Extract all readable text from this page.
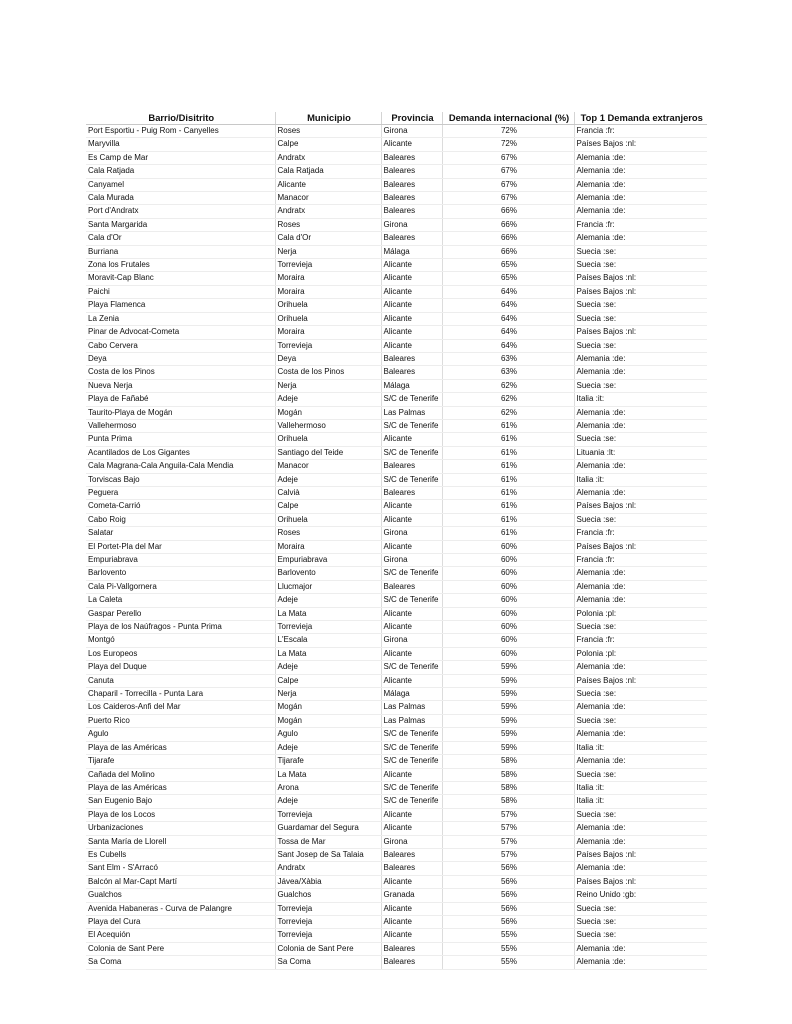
Barrio/Disitrito	Municipio	Provincia	Demanda internacional (%)	Top 1 Demanda extranjeros
Port Esportiu - Puig Rom - Canyelles	Roses	Girona	72%	Francia :fr:
Maryvilla	Calpe	Alicante	72%	Países Bajos :nl:
Es Camp de Mar	Andratx	Baleares	67%	Alemania :de:
Cala Ratjada	Cala Ratjada	Baleares	67%	Alemania :de:
Canyamel	Alicante	Baleares	67%	Alemania :de:
Cala Murada	Manacor	Baleares	67%	Alemania :de:
Port d'Andratx	Andratx	Baleares	66%	Alemania :de:
Santa Margarida	Roses	Girona	66%	Francia :fr:
Cala d'Or	Cala d'Or	Baleares	66%	Alemania :de:
Burriana	Nerja	Málaga	66%	Suecia :se:
Zona los Frutales	Torrevieja	Alicante	65%	Suecia :se:
Moravit-Cap Blanc	Moraira	Alicante	65%	Países Bajos :nl:
Paichi	Moraira	Alicante	64%	Países Bajos :nl:
Playa Flamenca	Orihuela	Alicante	64%	Suecia :se:
La Zenia	Orihuela	Alicante	64%	Suecia :se:
Pinar de Advocat-Cometa	Moraira	Alicante	64%	Países Bajos :nl:
Cabo Cervera	Torrevieja	Alicante	64%	Suecia :se:
Deya	Deya	Baleares	63%	Alemania :de:
Costa de los Pinos	Costa de los Pinos	Baleares	63%	Alemania :de:
Nueva Nerja	Nerja	Málaga	62%	Suecia :se:
Playa de Fañabé	Adeje	S/C de Tenerife	62%	Italia :it:
Taurito-Playa de Mogán	Mogán	Las Palmas	62%	Alemania :de:
Vallehermoso	Vallehermoso	S/C de Tenerife	61%	Alemania :de:
Punta Prima	Orihuela	Alicante	61%	Suecia :se:
Acantilados de Los Gigantes	Santiago del Teide	S/C de Tenerife	61%	Lituania :lt:
Cala Magrana-Cala Anguila-Cala Mendia	Manacor	Baleares	61%	Alemania :de:
Torviscas Bajo	Adeje	S/C de Tenerife	61%	Italia :it:
Peguera	Calvià	Baleares	61%	Alemania :de:
Cometa-Carrió	Calpe	Alicante	61%	Países Bajos :nl:
Cabo Roig	Orihuela	Alicante	61%	Suecia :se:
Salatar	Roses	Girona	61%	Francia :fr:
El Portet-Pla del Mar	Moraira	Alicante	60%	Países Bajos :nl:
Empuriabrava	Empuriabrava	Girona	60%	Francia :fr:
Barlovento	Barlovento	S/C de Tenerife	60%	Alemania :de:
Cala Pi-Vallgornera	Llucmajor	Baleares	60%	Alemania :de:
La Caleta	Adeje	S/C de Tenerife	60%	Alemania :de:
Gaspar Perello	La Mata	Alicante	60%	Polonia :pl:
Playa de los Naúfragos - Punta Prima	Torrevieja	Alicante	60%	Suecia :se:
Montgó	L'Escala	Girona	60%	Francia :fr:
Los Europeos	La Mata	Alicante	60%	Polonia :pl:
Playa del Duque	Adeje	S/C de Tenerife	59%	Alemania :de:
Canuta	Calpe	Alicante	59%	Países Bajos :nl:
Chaparil - Torrecilla - Punta Lara	Nerja	Málaga	59%	Suecia :se:
Los Caideros-Anfi del Mar	Mogán	Las Palmas	59%	Alemania :de:
Puerto Rico	Mogán	Las Palmas	59%	Suecia :se:
Agulo	Agulo	S/C de Tenerife	59%	Alemania :de:
Playa de las Américas	Adeje	S/C de Tenerife	59%	Italia :it:
Tijarafe	Tijarafe	S/C de Tenerife	58%	Alemania :de:
Cañada del Molino	La Mata	Alicante	58%	Suecia :se:
Playa de las Américas	Arona	S/C de Tenerife	58%	Italia :it:
San Eugenio Bajo	Adeje	S/C de Tenerife	58%	Italia :it:
Playa de los Locos	Torrevieja	Alicante	57%	Suecia :se:
Urbanizaciones	Guardamar del Segura	Alicante	57%	Alemania :de:
Santa María de Llorell	Tossa de Mar	Girona	57%	Alemania :de:
Es Cubells	Sant Josep de Sa Talaia	Baleares	57%	Países Bajos :nl:
Sant Elm - S'Arracó	Andratx	Baleares	56%	Alemania :de:
Balcón al Mar-Capt Martí	Jávea/Xàbia	Alicante	56%	Países Bajos :nl:
Gualchos	Gualchos	Granada	56%	Reino Unido :gb:
Avenida Habaneras - Curva de Palangre	Torrevieja	Alicante	56%	Suecia :se:
Playa del Cura	Torrevieja	Alicante	56%	Suecia :se:
El Acequión	Torrevieja	Alicante	55%	Suecia :se:
Colonia de Sant Pere	Colonia de Sant Pere	Baleares	55%	Alemania :de:
Sa Coma	Sa Coma	Baleares	55%	Alemania :de:
